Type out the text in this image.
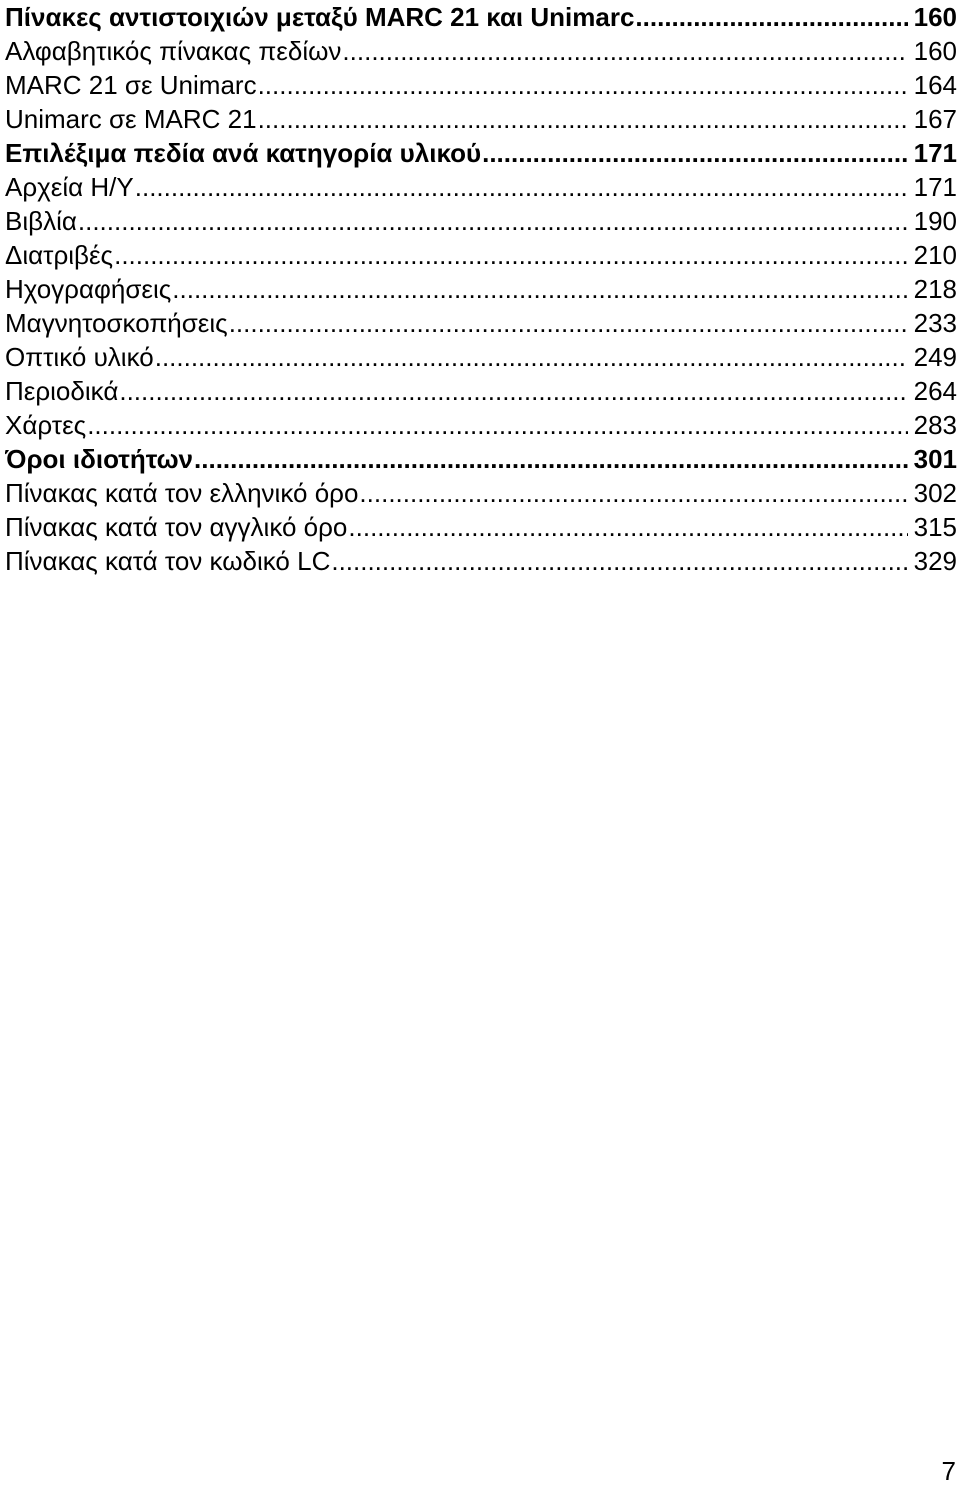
Πίνακες αντιστοιχιών μεταξύ MARC 21 και Unimarc .....	160
Αλφαβητικός πίνακας πεδίων .....	160
MARC 21 σε Unimarc .....	164
Unimarc σε MARC 21 .....	167
Επιλέξιμα πεδία ανά κατηγορία υλικού .....	171
Αρχεία Η/Υ .....	171
Βιβλία .....	190
Διατριβές .....	210
Ηχογραφήσεις .....	218
Μαγνητοσκοπήσεις .....	233
Οπτικό υλικό .....	249
Περιοδικά .....	264
Χάρτες .....	283
Όροι ιδιοτήτων .....	301
Πίνακας κατά τον ελληνικό όρο .....	302
Πίνακας κατά τον αγγλικό όρο .....	315
Πίνακας κατά τον κωδικό LC .....	329
7
